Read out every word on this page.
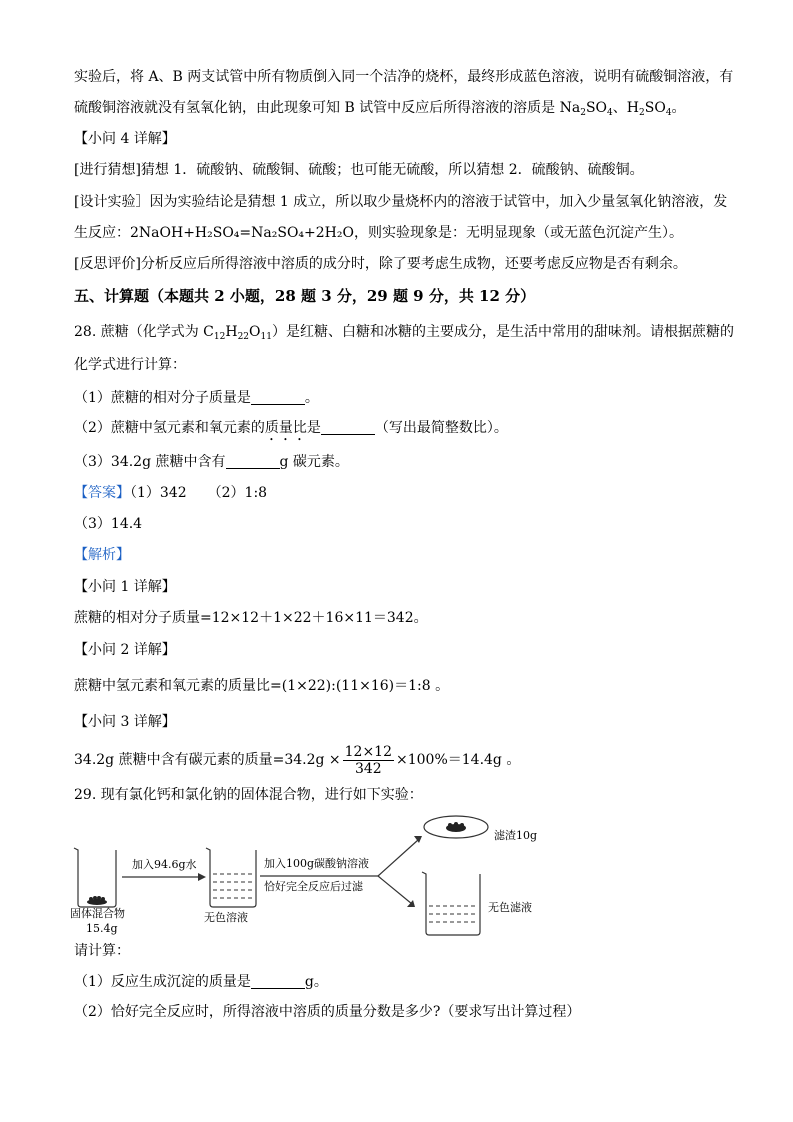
实验后，将 A、B 两支试管中所有物质倒入同一个洁净的烧杯，最终形成蓝色溶液，说明有硫酸铜溶液，有
硫酸铜溶液就没有氢氧化钠，由此现象可知 B 试管中反应后所得溶液的溶质是 $Na_2SO_4$、$H_2SO_4$。
【小问 4 详解】
[进行猜想]猜想 1．硫酸钠、硫酸铜、硫酸；也可能无硫酸，所以猜想 2．硫酸钠、硫酸铜。
[设计实验］因为实验结论是猜想 1 成立，所以取少量烧杯内的溶液于试管中，加入少量氢氧化钠溶液，发
生反应：2NaOH+H₂SO₄=Na₂SO₄+2H₂O，则实验现象是：无明显现象（或无蓝色沉淀产生）。
[反思评价]分析反应后所得溶液中溶质的成分时，除了要考虑生成物，还要考虑反应物是否有剩余。
五、计算题（本题共 2 小题，28 题 3 分，29 题 9 分，共 12 分）
28. 蔗糖（化学式为 $C_{12}H_{22}O_{11}$）是红糖、白糖和冰糖的主要成分，是生活中常用的甜味剂。请根据蔗糖的
化学式进行计算：
（1）蔗糖的相对分子质量是	。
（2）蔗糖中氢元素和氧元素的质量比是	（写出最简整数比）。
（3）34.2g 蔗糖中含有	g 碳元素。
【答案】（1）342　　（2）1:8
（3）14.4
【解析】
【小问 1 详解】
蔗糖的相对分子质量=12×12＋1×22＋16×11＝342。
【小问 2 详解】
蔗糖中氢元素和氧元素的质量比=(1×22):(11×16)＝1:8 。
【小问 3 详解】
34.2g 蔗糖中含有碳元素的质量$=34.2g \times \frac{12\times 12}{342} \times 100\%=14.4g$ 。
29. 现有氯化钙和氯化钠的固体混合物，进行如下实验：
固体混合物
15.4g
加入94.6g水
无色溶液
加入100g碳酸钠溶液
恰好完全反应后过滤
滤渣10g
无色滤液
请计算：
（1）反应生成沉淀的质量是	g。
（2）恰好完全反应时，所得溶液中溶质的质量分数是多少?（要求写出计算过程）
